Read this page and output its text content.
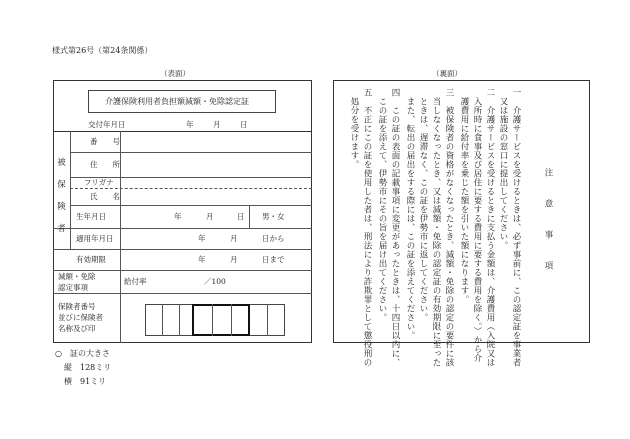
様式第26号（第24条関係）
（表面）	（裏面）
介護保険利用者負担額減額・免除認定証
交付年月日	年	月	日
被保険者
番　　号
住　　所
フリガナ
氏　　名
生年月日	年	月	日 男・女
適用年月日	年	月	日から
有効期限	年	月	日まで
減額・免除
認定事項
給付率	／100
保険者番号
並びに保険者
名称及び印
○ 証の大きさ
縦　128ミリ
横　91ミリ
注　意　事　項
一　介護サービスを受けるときは、必ず事前に、この認定証を事業者
　又は施設の窓口に提出してください。
二　介護サービスを受けるときに支払う金額は、介護費用（入院又は
　入所時に食事及び居住に要する費用に要する費用を除く。）から介
　護費用に給付率を乗じた額を引いた額になります。
三　被保険者の資格がなくなったとき、減額・免除の認定の要件に該
　当しなくなったとき、又は減額・免除の認定証の有効期限に至った
　ときは、遅滞なく、この証を伊勢市に返してください。
　また、転出の届出をする際には、この証を添えてください。
四　この証の表面の記載事項に変更があったときは、十四日以内に、
　この証を添えて、伊勢市にその旨を届け出てください。
五　不正にこの証を使用した者は、刑法により詐欺罪として懲役刑の
　処分を受けます。
